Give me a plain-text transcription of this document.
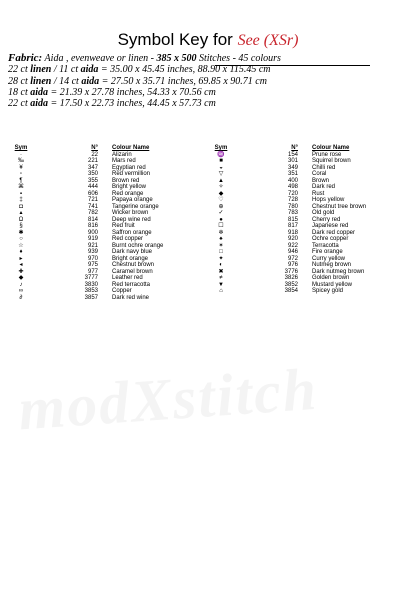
Symbol Key for See (XSr)
Fabric: Aida , evenweave or linen - 385 x 500 Stitches - 45 colours
22 ct linen / 11 ct aida = 35.00 x 45.45 inches, 88.90 x 115.45 cm
28 ct linen / 14 ct aida = 27.50 x 35.71 inches, 69.85 x 90.71 cm
18 ct aida = 21.39 x 27.78 inches, 54.33 x 70.56 cm
22 ct aida = 17.50 x 22.73 inches, 44.45 x 57.73 cm
Sym	N° Colour Name
·	22 Alizarin
‰	221 Mars red
¥	347 Egyptian red
▫	350 Red vermillion
¶	355 Brown red
⌘	444 Bright yellow
▪	606 Red orange
‡	721 Papaya orange
◘	741 Tangerine orange
▴	782 Wicker brown
Ω	814 Deep wine red
§	816 Red fruit
✱	900 Saffron orange
○	919 Red copper
☆	921 Burnt ochre orange
♦	939 Dark navy blue
▸	970 Bright orange
◂	975 Chestnut brown
✚	977 Caramel brown
◆	3777 Leather red
♪	3830 Red terracotta
∞	3853 Copper
∂	3857 Dark red wine
Sym	N° Colour Name
♒	154 Prune rose
■	301 Squirrel brown
◒	349 Chilli red
▽	351 Coral
▲	400 Brown
✧	498 Dark red
◆	720 Rust
♡	728 Hops yellow
⊕	780 Chestnut tree brown
✓	783 Old gold
●	815 Cherry red
☐	817 Japanese red
❄	918 Dark red copper
♠	920 Ochre copper
✶	922 Terracotta
□	946 Fire orange
✦	972 Curry yellow
◐	976 Nutmeg brown
✖	3776 Dark nutmeg brown
≠	3826 Golden brown
▼	3852 Mustard yellow
⌂	3854 Spicey gold
